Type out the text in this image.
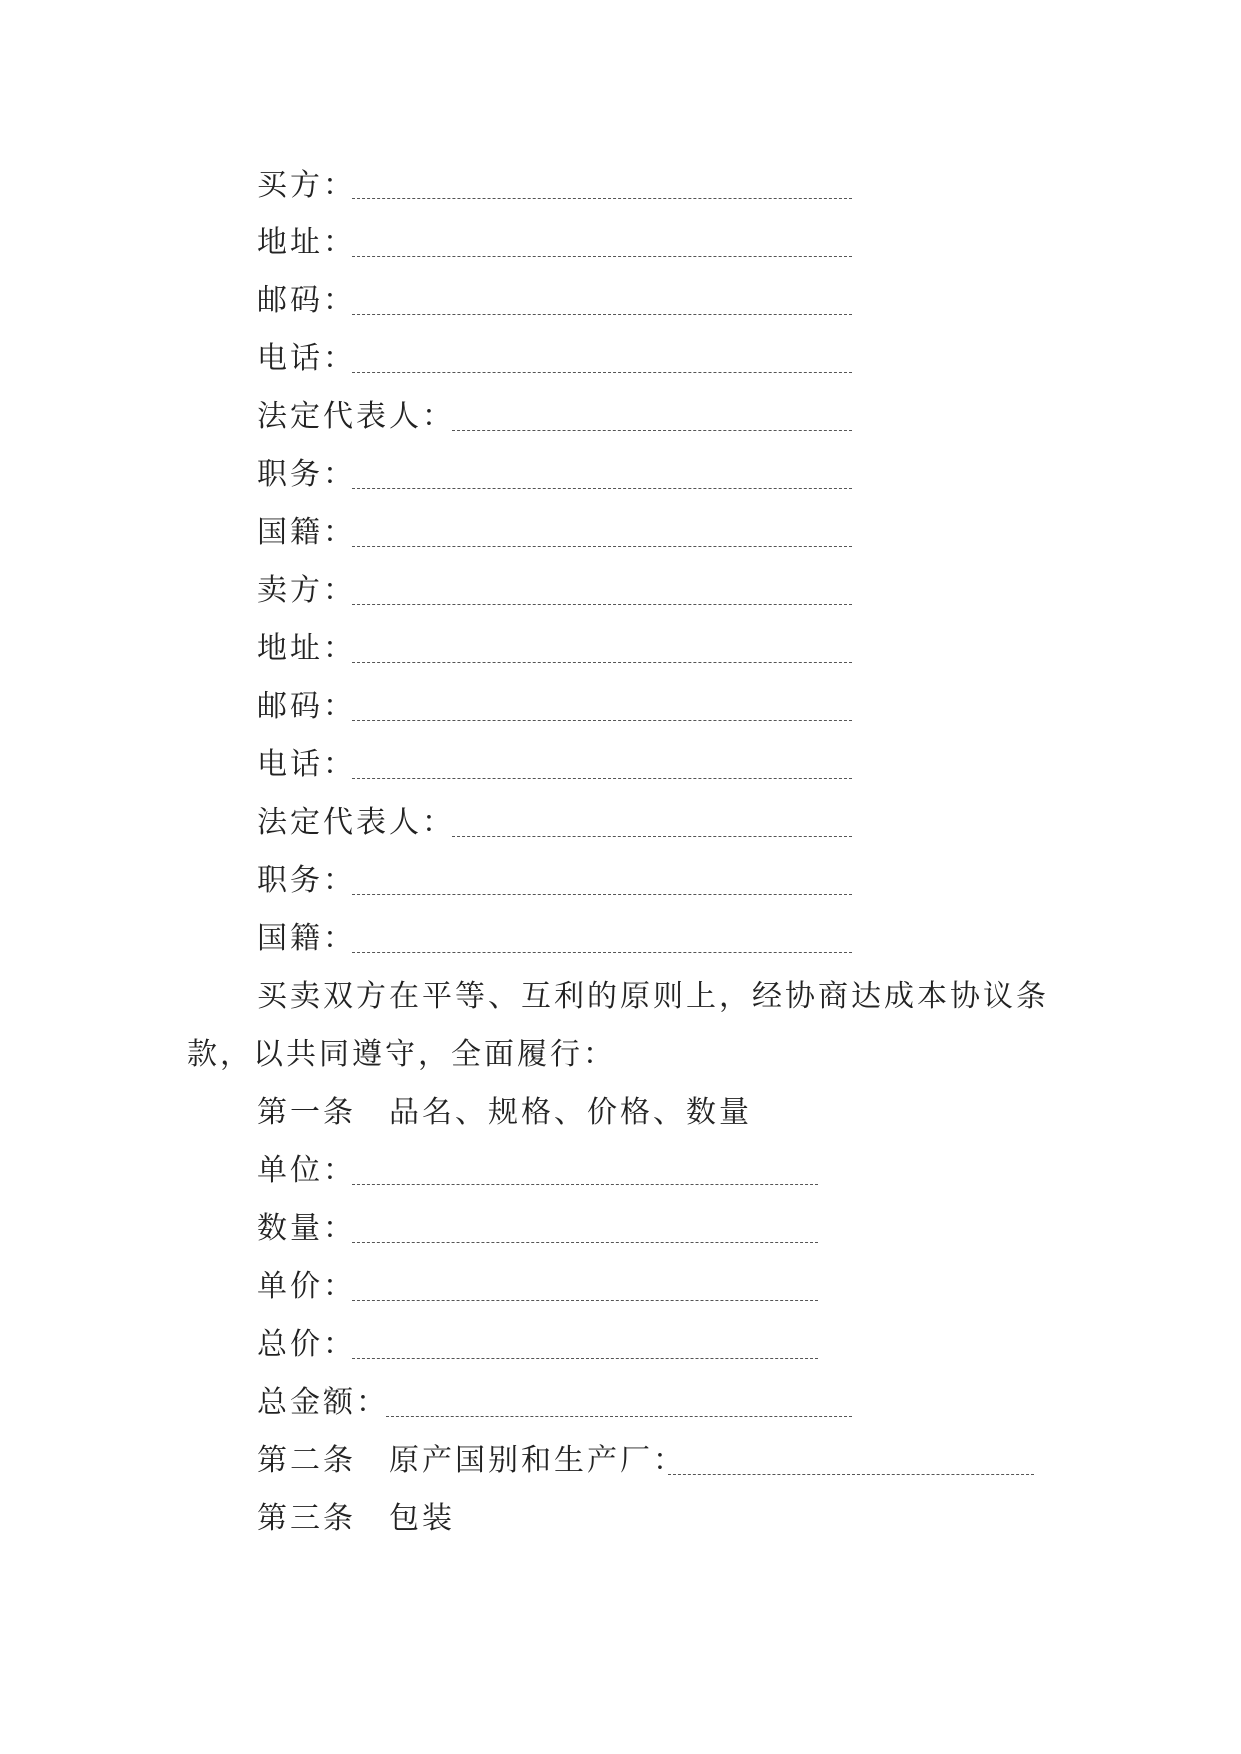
买方：
地址：
邮码：
电话：
法定代表人：
职务：
国籍：
卖方：
地址：
邮码：
电话：
法定代表人：
职务：
国籍：
买卖双方在平等、互利的原则上，经协商达成本协议条款，以共同遵守，全面履行：
第一条　品名、规格、价格、数量
单位：
数量：
单价：
总价：
总金额：
第二条　原产国别和生产厂：
第三条　包装
